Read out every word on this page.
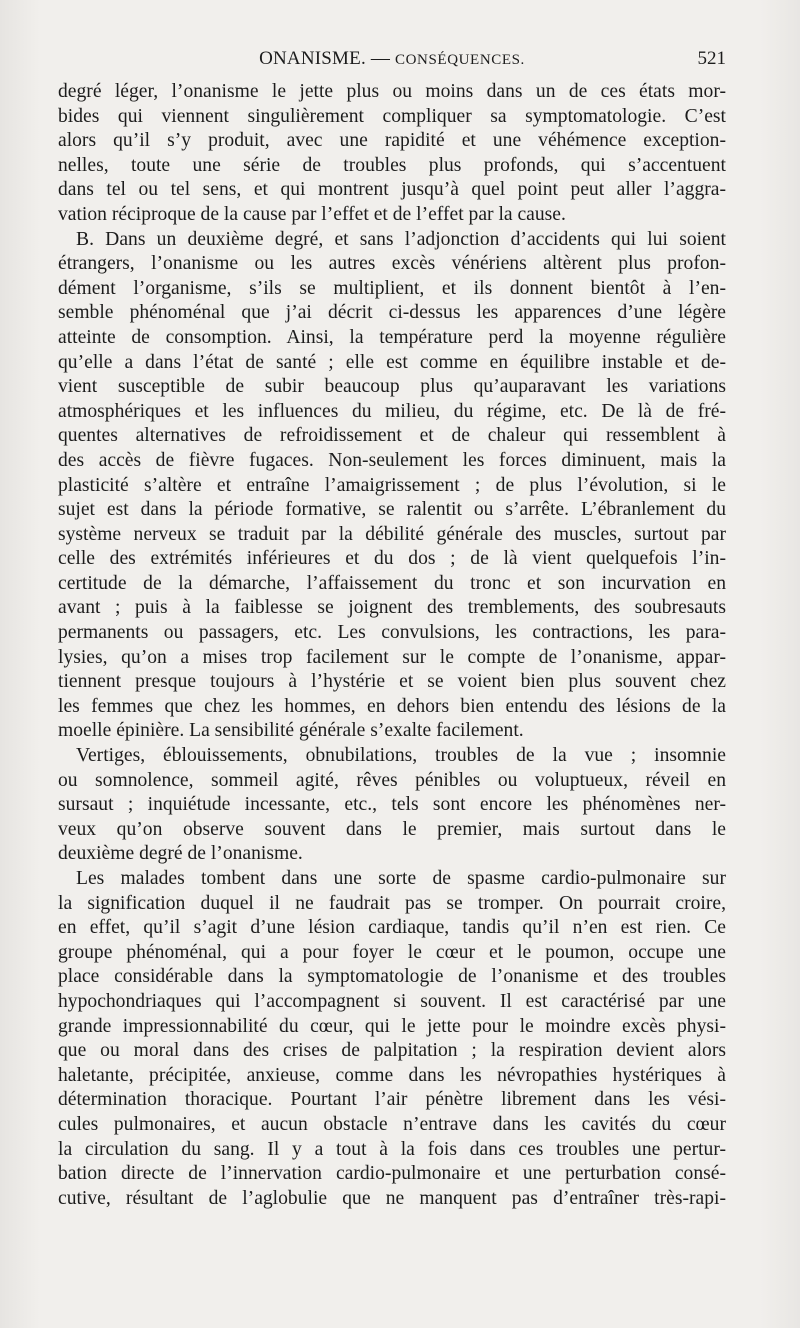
ONANISME. — CONSÉQUENCES.	521
degré léger, l’onanisme le jette plus ou moins dans un de ces états mor-
bides qui viennent singulièrement compliquer sa symptomatologie. C’est
alors qu’il s’y produit, avec une rapidité et une véhémence exception-
nelles, toute une série de troubles plus profonds, qui s’accentuent
dans tel ou tel sens, et qui montrent jusqu’à quel point peut aller l’aggra-
vation réciproque de la cause par l’effet et de l’effet par la cause.
B. Dans un deuxième degré, et sans l’adjonction d’accidents qui lui soient
étrangers, l’onanisme ou les autres excès vénériens altèrent plus profon-
dément l’organisme, s’ils se multiplient, et ils donnent bientôt à l’en-
semble phénoménal que j’ai décrit ci-dessus les apparences d’une légère
atteinte de consomption. Ainsi, la température perd la moyenne régulière
qu’elle a dans l’état de santé ; elle est comme en équilibre instable et de-
vient susceptible de subir beaucoup plus qu’auparavant les variations
atmosphériques et les influences du milieu, du régime, etc. De là de fré-
quentes alternatives de refroidissement et de chaleur qui ressemblent à
des accès de fièvre fugaces. Non-seulement les forces diminuent, mais la
plasticité s’altère et entraîne l’amaigrissement ; de plus l’évolution, si le
sujet est dans la période formative, se ralentit ou s’arrête. L’ébranlement du
système nerveux se traduit par la débilité générale des muscles, surtout par
celle des extrémités inférieures et du dos ; de là vient quelquefois l’in-
certitude de la démarche, l’affaissement du tronc et son incurvation en
avant ; puis à la faiblesse se joignent des tremblements, des soubresauts
permanents ou passagers, etc. Les convulsions, les contractions, les para-
lysies, qu’on a mises trop facilement sur le compte de l’onanisme, appar-
tiennent presque toujours à l’hystérie et se voient bien plus souvent chez
les femmes que chez les hommes, en dehors bien entendu des lésions de la
moelle épinière. La sensibilité générale s’exalte facilement.
Vertiges, éblouissements, obnubilations, troubles de la vue ; insomnie
ou somnolence, sommeil agité, rêves pénibles ou voluptueux, réveil en
sursaut ; inquiétude incessante, etc., tels sont encore les phénomènes ner-
veux qu’on observe souvent dans le premier, mais surtout dans le
deuxième degré de l’onanisme.
Les malades tombent dans une sorte de spasme cardio-pulmonaire sur
la signification duquel il ne faudrait pas se tromper. On pourrait croire,
en effet, qu’il s’agit d’une lésion cardiaque, tandis qu’il n’en est rien. Ce
groupe phénoménal, qui a pour foyer le cœur et le poumon, occupe une
place considérable dans la symptomatologie de l’onanisme et des troubles
hypochondriaques qui l’accompagnent si souvent. Il est caractérisé par une
grande impressionnabilité du cœur, qui le jette pour le moindre excès physi-
que ou moral dans des crises de palpitation ; la respiration devient alors
haletante, précipitée, anxieuse, comme dans les névropathies hystériques à
détermination thoracique. Pourtant l’air pénètre librement dans les vési-
cules pulmonaires, et aucun obstacle n’entrave dans les cavités du cœur
la circulation du sang. Il y a tout à la fois dans ces troubles une pertur-
bation directe de l’innervation cardio-pulmonaire et une perturbation consé-
cutive, résultant de l’aglobulie que ne manquent pas d’entraîner très-rapi-
